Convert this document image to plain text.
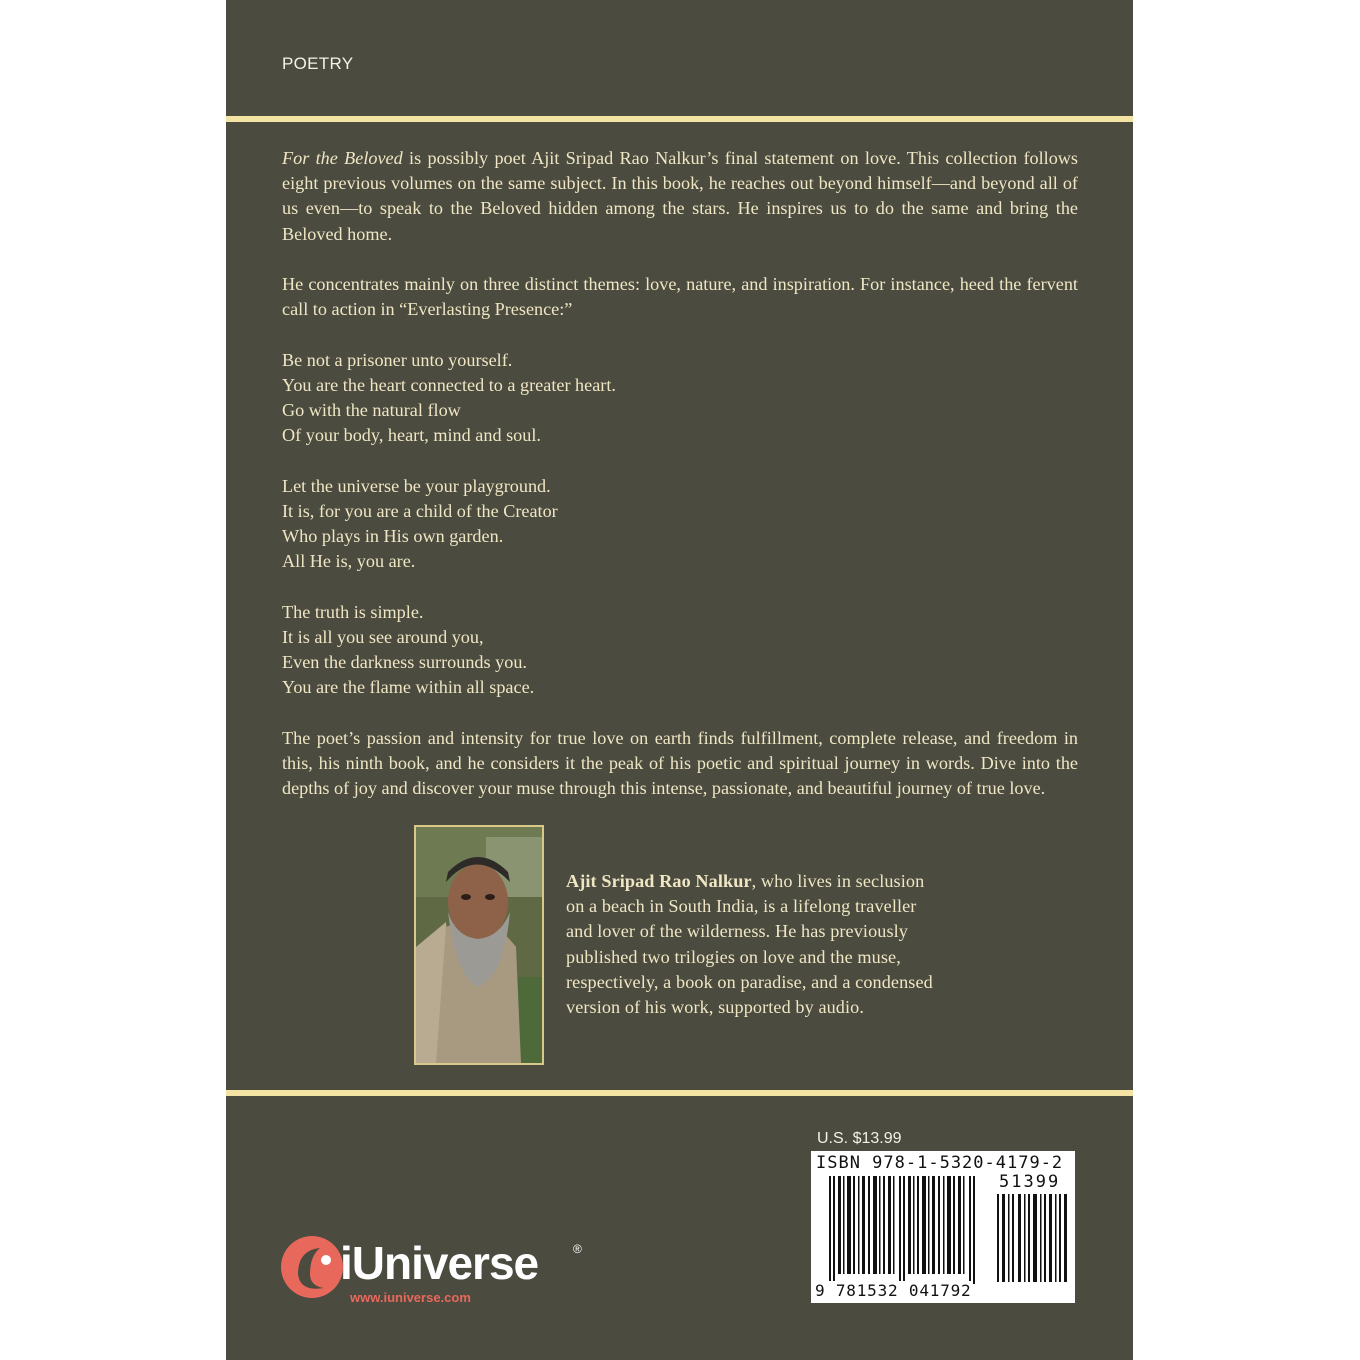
POETRY

For the Beloved is possibly poet Ajit Sripad Rao Nalkur’s final statement on love. This collection follows eight previous volumes on the same subject. In this book, he reaches out beyond himself—and beyond all of us even—to speak to the Beloved hidden among the stars. He inspires us to do the same and bring the Beloved home.

He concentrates mainly on three distinct themes: love, nature, and inspiration. For instance, heed the fervent call to action in “Everlasting Presence:”

Be not a prisoner unto yourself.
You are the heart connected to a greater heart.
Go with the natural flow
Of your body, heart, mind and soul.

Let the universe be your playground.
It is, for you are a child of the Creator
Who plays in His own garden.
All He is, you are.

The truth is simple.
It is all you see around you,
Even the darkness surrounds you.
You are the flame within all space.

The poet’s passion and intensity for true love on earth finds fulfillment, complete release, and freedom in this, his ninth book, and he considers it the peak of his poetic and spiritual journey in words. Dive into the depths of joy and discover your muse through this intense, passionate, and beautiful journey of true love.

Ajit Sripad Rao Nalkur, who lives in seclusion on a beach in South India, is a lifelong traveller and lover of the wilderness. He has previously published two trilogies on love and the muse, respectively, a book on paradise, and a condensed version of his work, supported by audio.
U.S. $13.99
ISBN 978-1-5320-4179-2
51399
9 781532 041792
iUniverse	®
www.iuniverse.com
